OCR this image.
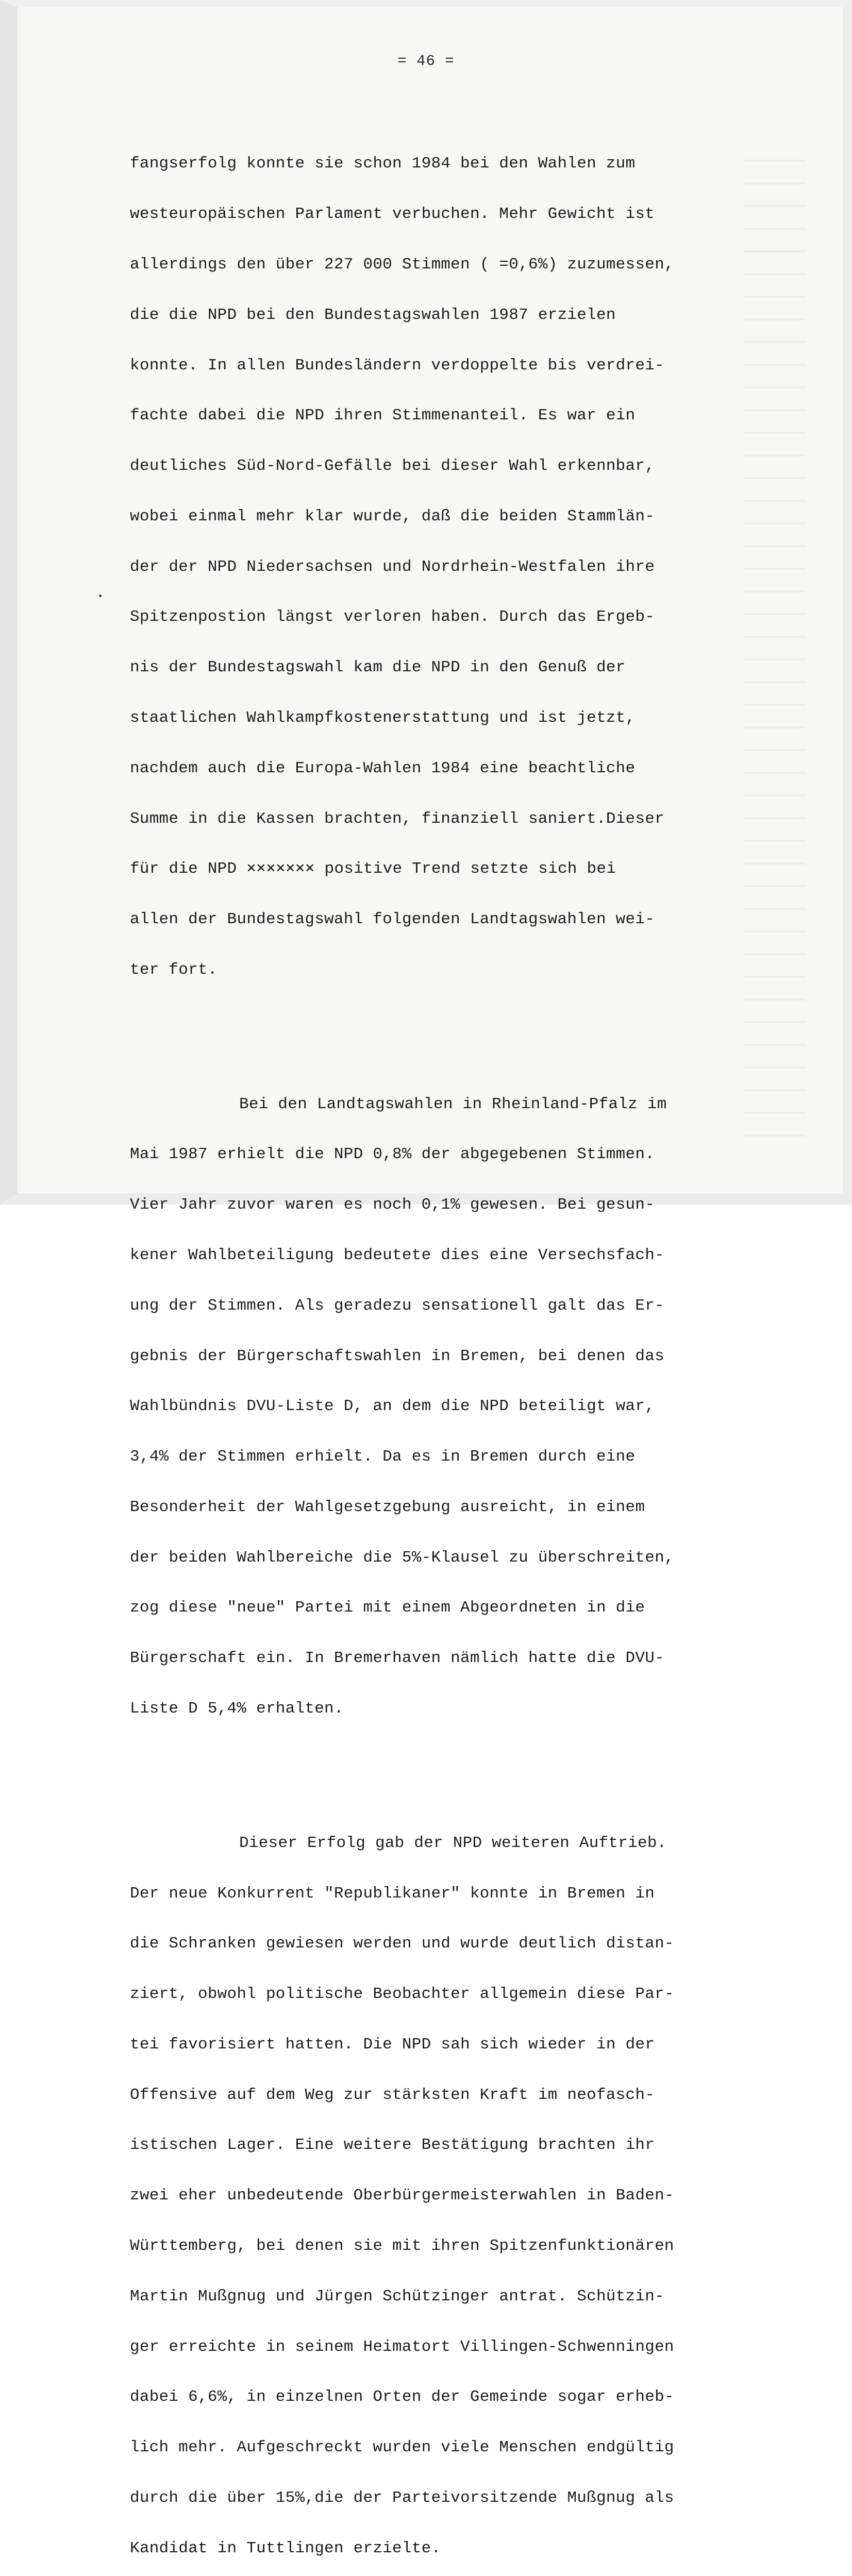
= 46 =

fangserfolg konnte sie schon 1984 bei den Wahlen zum

westeuropäischen Parlament verbuchen. Mehr Gewicht ist

allerdings den über 227 000 Stimmen ( =0,6%) zuzumessen,

die die NPD bei den Bundestagswahlen 1987 erzielen

konnte. In allen Bundesländern verdoppelte bis verdrei-

fachte dabei die NPD ihren Stimmenanteil. Es war ein

deutliches Süd-Nord-Gefälle bei dieser Wahl erkennbar,

wobei einmal mehr klar wurde, daß die beiden Stammlän-

der der NPD Niedersachsen und Nordrhein-Westfalen ihre

Spitzenpostion längst verloren haben. Durch das Ergeb-

nis der Bundestagswahl kam die NPD in den Genuß der

staatlichen Wahlkampfkostenerstattung und ist jetzt,

nachdem auch die Europa-Wahlen 1984 eine beachtliche

Summe in die Kassen brachten, finanziell saniert.Dieser

für die NPD ⨯⨯⨯⨯⨯⨯⨯ positive Trend setzte sich bei

allen der Bundestagswahl folgenden Landtagswahlen wei-

ter fort.

Bei den Landtagswahlen in Rheinland-Pfalz im

Mai 1987 erhielt die NPD 0,8% der abgegebenen Stimmen.

Vier Jahr zuvor waren es noch 0,1% gewesen. Bei gesun-

kener Wahlbeteiligung bedeutete dies eine Versechsfach-

ung der Stimmen. Als geradezu sensationell galt das Er-

gebnis der Bürgerschaftswahlen in Bremen, bei denen das

Wahlbündnis DVU-Liste D, an dem die NPD beteiligt war,

3,4% der Stimmen erhielt. Da es in Bremen durch eine

Besonderheit der Wahlgesetzgebung ausreicht, in einem

der beiden Wahlbereiche die 5%-Klausel zu überschreiten,

zog diese "neue" Partei mit einem Abgeordneten in die

Bürgerschaft ein. In Bremerhaven nämlich hatte die DVU-

Liste D 5,4% erhalten.

Dieser Erfolg gab der NPD weiteren Auftrieb.

Der neue Konkurrent "Republikaner" konnte in Bremen in

die Schranken gewiesen werden und wurde deutlich distan-

ziert, obwohl politische Beobachter allgemein diese Par-

tei favorisiert hatten. Die NPD sah sich wieder in der

Offensive auf dem Weg zur stärksten Kraft im neofasch-

istischen Lager. Eine weitere Bestätigung brachten ihr

zwei eher unbedeutende Oberbürgermeisterwahlen in Baden-

Württemberg, bei denen sie mit ihren Spitzenfunktionären

Martin Mußgnug und Jürgen Schützinger antrat. Schützin-

ger erreichte in seinem Heimatort Villingen-Schwenningen

dabei 6,6%, in einzelnen Orten der Gemeinde sogar erheb-

lich mehr. Aufgeschreckt wurden viele Menschen endgültig

durch die über 15%,die der Parteivorsitzende Mußgnug als

Kandidat in Tuttlingen erzielte.
